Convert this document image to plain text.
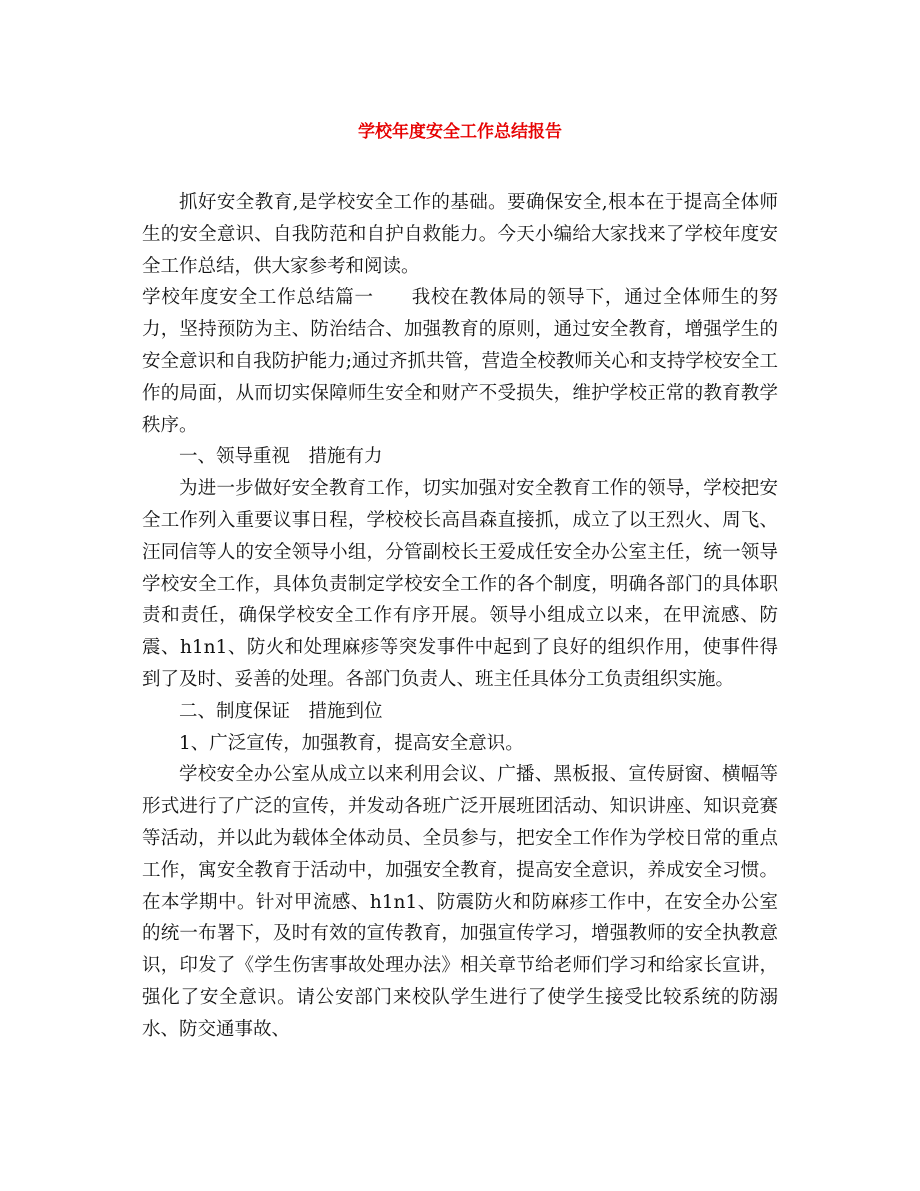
学校年度安全工作总结报告

抓好安全教育,是学校安全工作的基础。要确保安全,根本在于提高全体师生的安全意识、自我防范和自护自救能力。今天小编给大家找来了学校年度安全工作总结，供大家参考和阅读。

学校年度安全工作总结篇一 我校在教体局的领导下，通过全体师生的努力，坚持预防为主、防治结合、加强教育的原则，通过安全教育，增强学生的安全意识和自我防护能力;通过齐抓共管，营造全校教师关心和支持学校安全工作的局面，从而切实保障师生安全和财产不受损失，维护学校正常的教育教学秩序。

一、领导重视 措施有力

为进一步做好安全教育工作，切实加强对安全教育工作的领导，学校把安全工作列入重要议事日程，学校校长高昌森直接抓，成立了以王烈火、周飞、汪同信等人的安全领导小组，分管副校长王爱成任安全办公室主任，统一领导学校安全工作，具体负责制定学校安全工作的各个制度，明确各部门的具体职责和责任，确保学校安全工作有序开展。领导小组成立以来，在甲流感、防震、h1n1、防火和处理麻疹等突发事件中起到了良好的组织作用，使事件得到了及时、妥善的处理。各部门负责人、班主任具体分工负责组织实施。

二、制度保证 措施到位

1、广泛宣传，加强教育，提高安全意识。

学校安全办公室从成立以来利用会议、广播、黑板报、宣传厨窗、横幅等形式进行了广泛的宣传，并发动各班广泛开展班团活动、知识讲座、知识竞赛等活动，并以此为载体全体动员、全员参与，把安全工作作为学校日常的重点工作，寓安全教育于活动中，加强安全教育，提高安全意识，养成安全习惯。在本学期中。针对甲流感、h1n1、防震防火和防麻疹工作中，在安全办公室的统一布署下，及时有效的宣传教育，加强宣传学习，增强教师的安全执教意识，印发了《学生伤害事故处理办法》相关章节给老师们学习和给家长宣讲，强化了安全意识。请公安部门来校队学生进行了使学生接受比较系统的防溺水、防交通事故、
